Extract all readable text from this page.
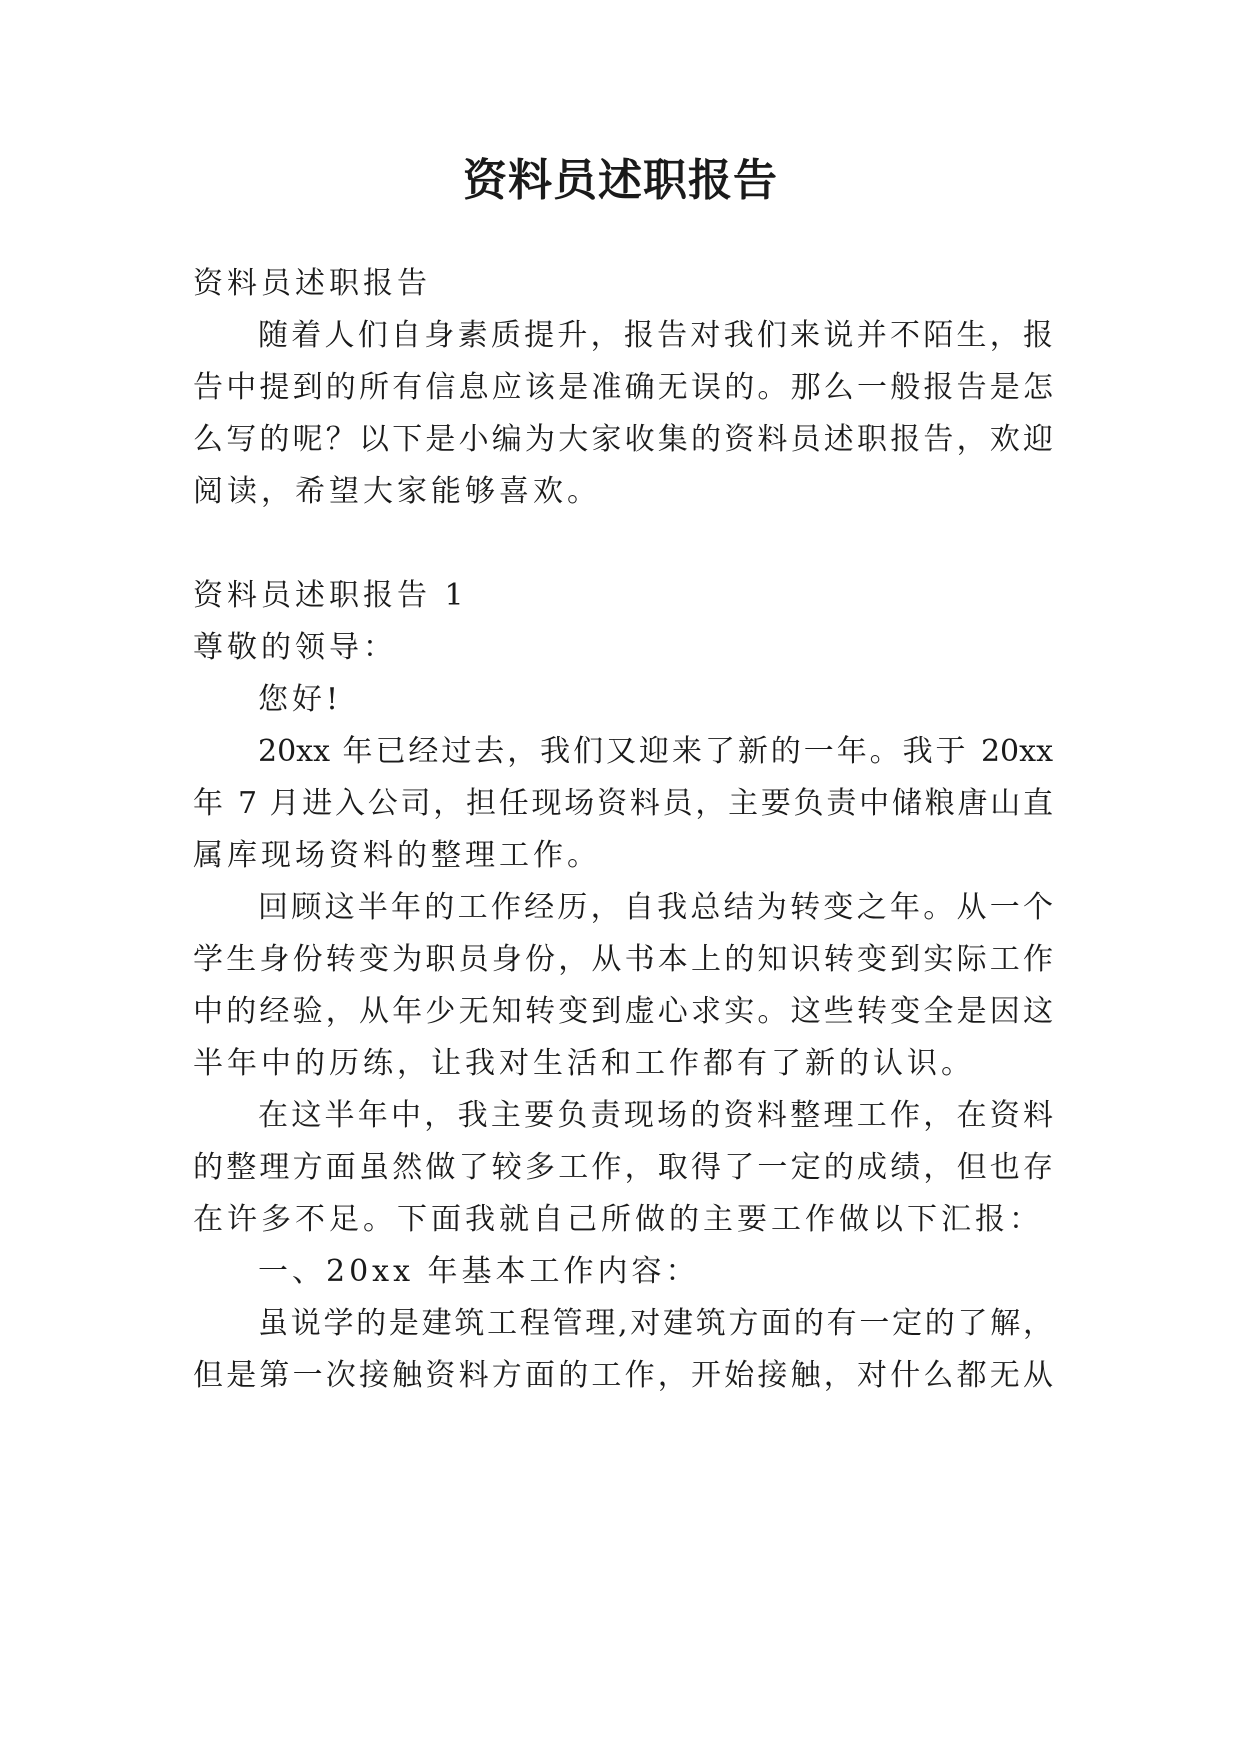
资料员述职报告
资料员述职报告
随着人们自身素质提升，报告对我们来说并不陌生，报
告中提到的所有信息应该是准确无误的。那么一般报告是怎
么写的呢？以下是小编为大家收集的资料员述职报告，欢迎
阅读，希望大家能够喜欢。
资料员述职报告 1
尊敬的领导：
您好!
20xx 年已经过去，我们又迎来了新的一年。我于 20xx
年 7 月进入公司，担任现场资料员，主要负责中储粮唐山直
属库现场资料的整理工作。
回顾这半年的工作经历，自我总结为转变之年。从一个
学生身份转变为职员身份，从书本上的知识转变到实际工作
中的经验，从年少无知转变到虚心求实。这些转变全是因这
半年中的历练，让我对生活和工作都有了新的认识。
在这半年中，我主要负责现场的资料整理工作，在资料
的整理方面虽然做了较多工作，取得了一定的成绩，但也存
在许多不足。下面我就自己所做的主要工作做以下汇报：
一、20xx 年基本工作内容：
虽说学的是建筑工程管理,对建筑方面的有一定的了解，
但是第一次接触资料方面的工作，开始接触，对什么都无从
